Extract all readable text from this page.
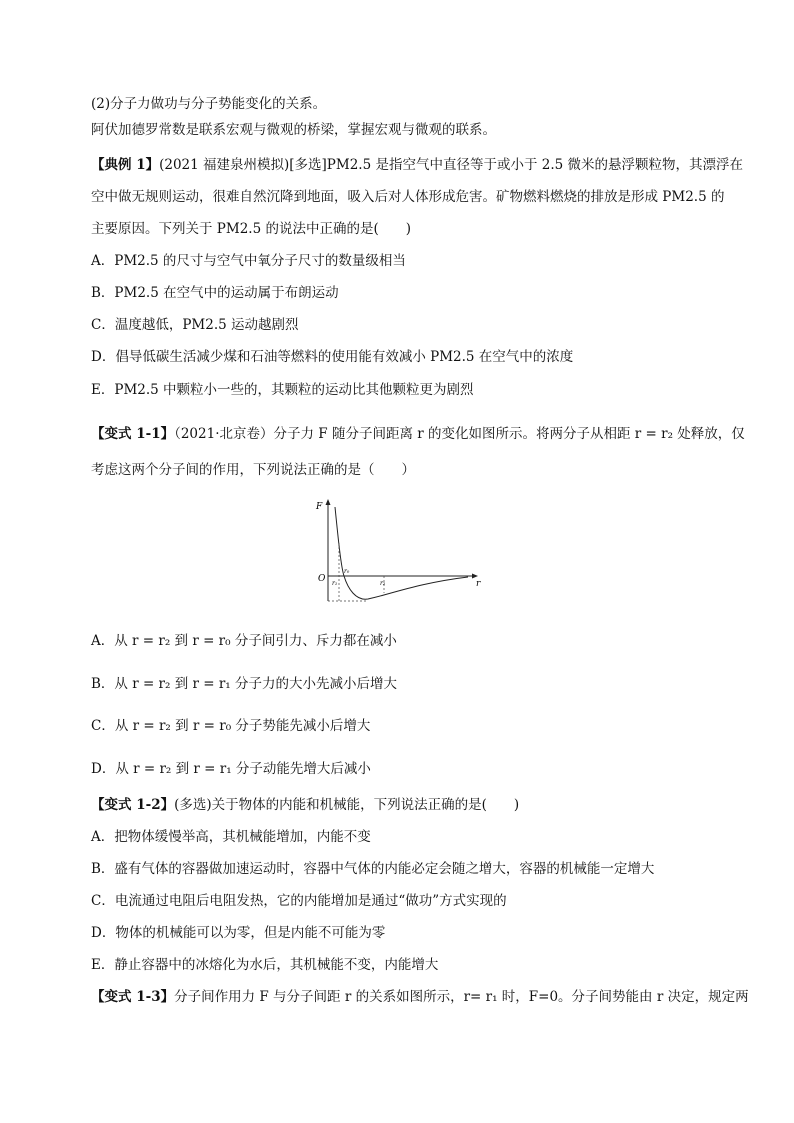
(2)分子力做功与分子势能变化的关系。
阿伏加德罗常数是联系宏观与微观的桥梁，掌握宏观与微观的联系。
【典例 1】(2021 福建泉州模拟)[多选]PM2.5 是指空气中直径等于或小于 2.5 微米的悬浮颗粒物，其漂浮在
空中做无规则运动，很难自然沉降到地面，吸入后对人体形成危害。矿物燃料燃烧的排放是形成 PM2.5 的
主要原因。下列关于 PM2.5 的说法中正确的是(　　)
A．PM2.5 的尺寸与空气中氧分子尺寸的数量级相当
B．PM2.5 在空气中的运动属于布朗运动
C．温度越低，PM2.5 运动越剧烈
D．倡导低碳生活减少煤和石油等燃料的使用能有效减小 PM2.5 在空气中的浓度
E．PM2.5 中颗粒小一些的，其颗粒的运动比其他颗粒更为剧烈
【变式 1-1】（2021·北京卷）分子力 F 随分子间距离 r 的变化如图所示。将两分子从相距 r = r₂ 处释放，仅
考虑这两个分子间的作用，下列说法正确的是（　　）
F
O	r
r₀
r₁	r₂
A．从 r = r₂ 到 r = r₀ 分子间引力、斥力都在减小
B．从 r = r₂ 到 r = r₁ 分子力的大小先减小后增大
C．从 r = r₂ 到 r = r₀ 分子势能先减小后增大
D．从 r = r₂ 到 r = r₁ 分子动能先增大后减小
【变式 1-2】(多选)关于物体的内能和机械能，下列说法正确的是(　　)
A．把物体缓慢举高，其机械能增加，内能不变
B．盛有气体的容器做加速运动时，容器中气体的内能必定会随之增大，容器的机械能一定增大
C．电流通过电阻后电阻发热，它的内能增加是通过“做功”方式实现的
D．物体的机械能可以为零，但是内能不可能为零
E．静止容器中的冰熔化为水后，其机械能不变，内能增大
【变式 1-3】分子间作用力 F 与分子间距 r 的关系如图所示，r= r₁ 时，F=0。分子间势能由 r 决定，规定两
